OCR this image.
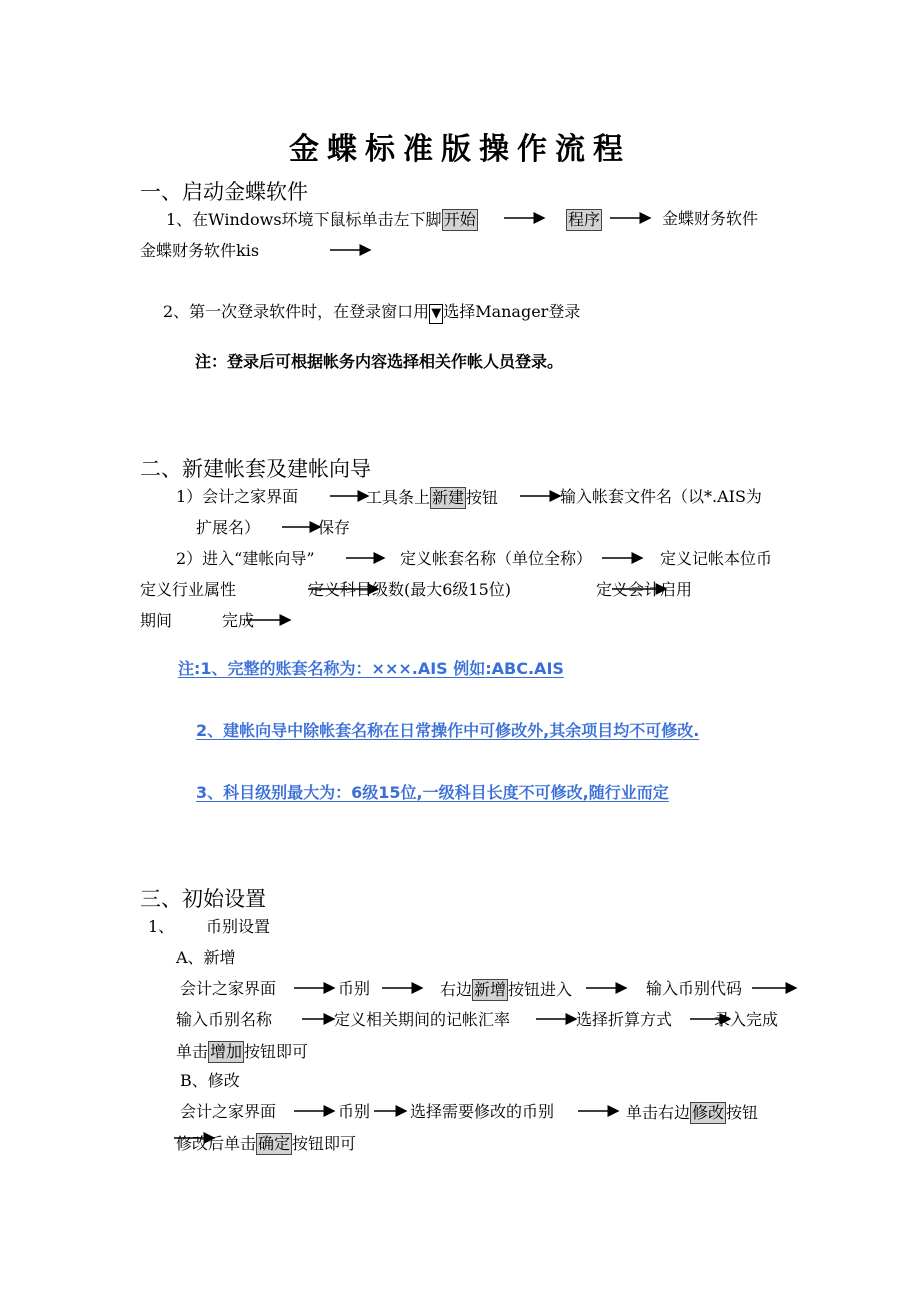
金蝶标准版操作流程
一、启动金蝶软件
1、在Windows环境下鼠标单击左下脚 开始	程序	金蝶财务软件
金蝶财务软件kis
2、第一次登录软件时，在登录窗口用 ▼ 选择Manager登录
注：登录后可根据帐务内容选择相关作帐人员登录。
二、新建帐套及建帐向导
1）会计之家界面	工具条上 新建 按钮	输入帐套文件名（以*.AIS为
扩展名）	保存
2）进入“建帐向导”	定义帐套名称（单位全称）	定义记帐本位币
定义行业属性	定义科目级数(最大6级15位)	定义会计启用
期间	完成
注:1、完整的账套名称为：×××.AIS 例如:ABC.AIS
2、建帐向导中除帐套名称在日常操作中可修改外,其余项目均不可修改.
3、科目级别最大为：6级15位,一级科目长度不可修改,随行业而定
三、初始设置
1、 币别设置
A、新增
会计之家界面	币别	右边 新增 按钮进入	输入币别代码
输入币别名称	定义相关期间的记帐汇率	选择折算方式	录入完成
单击 增加 按钮即可
B、修改
会计之家界面	币别 选择需要修改的币别	单击右边 修改 按钮
修改后单击 确定 按钮即可
